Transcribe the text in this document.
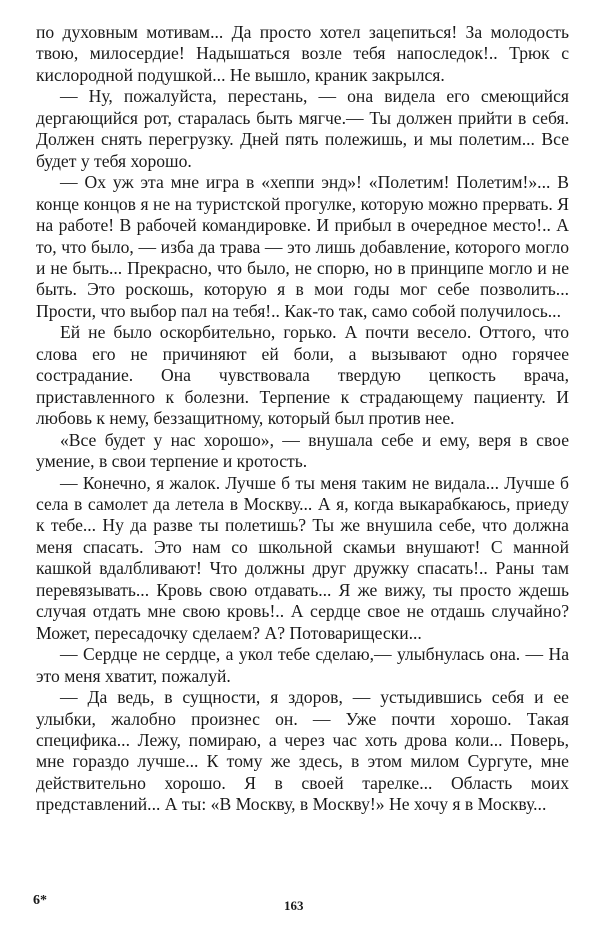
по духовным мотивам... Да просто хотел зацепиться! За молодость твою, милосердие! Надышаться возле тебя напоследок!.. Трюк с кислородной подушкой... Не вышло, краник закрылся.

— Ну, пожалуйста, перестань, — она видела его смеющийся дергающийся рот, старалась быть мягче.— Ты должен прийти в себя. Должен снять перегрузку. Дней пять полежишь, и мы полетим... Все будет у тебя хорошо.

— Ох уж эта мне игра в «хеппи энд»! «Полетим! Полетим!»... В конце концов я не на туристской прогулке, которую можно прервать. Я на работе! В рабочей командировке. И прибыл в очередное место!.. А то, что было, — изба да трава — это лишь добавление, которого могло и не быть... Прекрасно, что было, не спорю, но в принципе могло и не быть. Это роскошь, которую я в мои годы мог себе позволить... Прости, что выбор пал на тебя!.. Как-то так, само собой получилось...

Ей не было оскорбительно, горько. А почти весело. Оттого, что слова его не причиняют ей боли, а вызывают одно горячее сострадание. Она чувствовала твердую цепкость врача, приставленного к болезни. Терпение к страдающему пациенту. И любовь к нему, беззащитному, который был против нее.

«Все будет у нас хорошо», — внушала себе и ему, веря в свое умение, в свои терпение и кротость.

— Конечно, я жалок. Лучше б ты меня таким не видала... Лучше б села в самолет да летела в Москву... А я, когда выкарабкаюсь, приеду к тебе... Ну да разве ты полетишь? Ты же внушила себе, что должна меня спасать. Это нам со школьной скамьи внушают! С манной кашкой вдалбливают! Что должны друг дружку спасать!.. Раны там перевязывать... Кровь свою отдавать... Я же вижу, ты просто ждешь случая отдать мне свою кровь!.. А сердце свое не отдашь случайно? Может, пересадочку сделаем? А? Потоварищески...

— Сердце не сердце, а укол тебе сделаю,— улыбнулась она. — На это меня хватит, пожалуй.

— Да ведь, в сущности, я здоров, — устыдившись себя и ее улыбки, жалобно произнес он. — Уже почти хорошо. Такая специфика... Лежу, помираю, а через час хоть дрова коли... Поверь, мне гораздо лучше... К тому же здесь, в этом милом Сургуте, мне действительно хорошо. Я в своей тарелке... Область моих представлений... А ты: «В Москву, в Москву!» Не хочу я в Москву...

6*	163
